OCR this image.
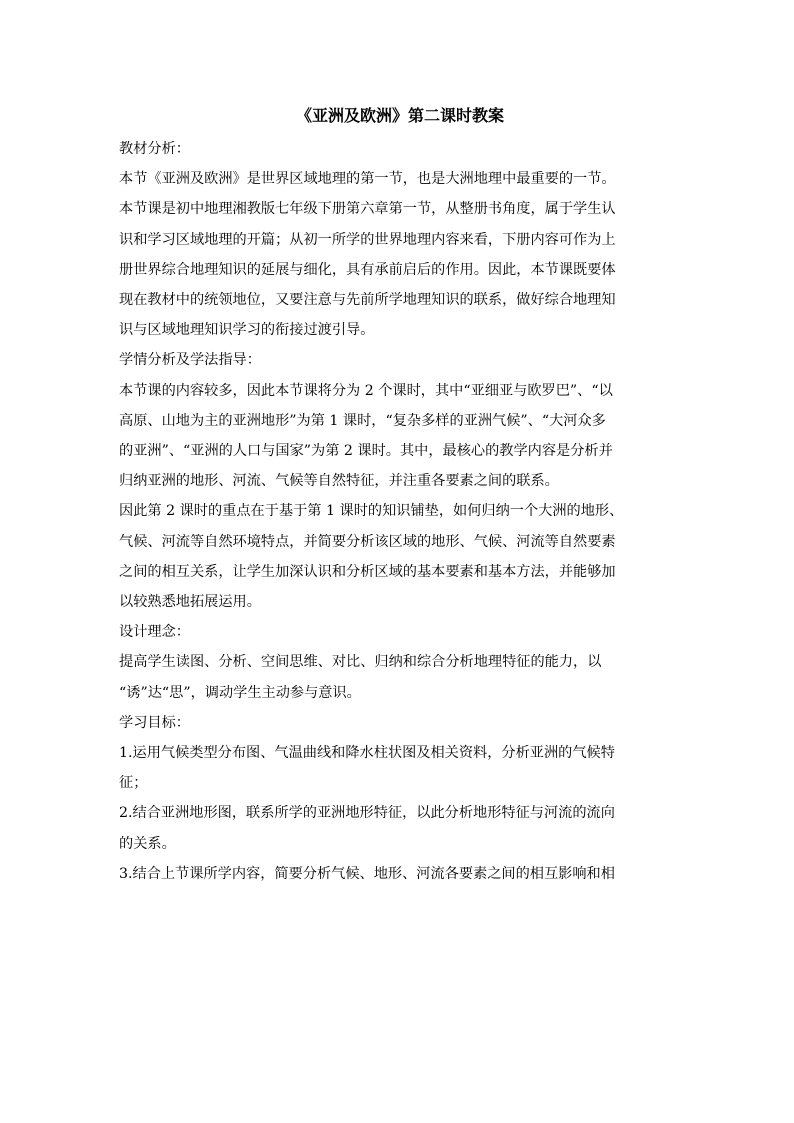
《亚洲及欧洲》第二课时教案

教材分析：

本节《亚洲及欧洲》是世界区域地理的第一节，也是大洲地理中最重要的一节。

本节课是初中地理湘教版七年级下册第六章第一节，从整册书角度，属于学生认

识和学习区域地理的开篇；从初一所学的世界地理内容来看，下册内容可作为上

册世界综合地理知识的延展与细化，具有承前启后的作用。因此，本节课既要体

现在教材中的统领地位，又要注意与先前所学地理知识的联系，做好综合地理知

识与区域地理知识学习的衔接过渡引导。

学情分析及学法指导：

本节课的内容较多，因此本节课将分为 2 个课时，其中“亚细亚与欧罗巴”、“以

高原、山地为主的亚洲地形”为第 1 课时，“复杂多样的亚洲气候”、“大河众多

的亚洲”、“亚洲的人口与国家”为第 2 课时。其中，最核心的教学内容是分析并

归纳亚洲的地形、河流、气候等自然特征，并注重各要素之间的联系。

因此第 2 课时的重点在于基于第 1 课时的知识铺垫，如何归纳一个大洲的地形、

气候、河流等自然环境特点，并简要分析该区域的地形、气候、河流等自然要素

之间的相互关系，让学生加深认识和分析区域的基本要素和基本方法，并能够加

以较熟悉地拓展运用。

设计理念：

提高学生读图、分析、空间思维、对比、归纳和综合分析地理特征的能力，以

“诱”达“思”，调动学生主动参与意识。

学习目标：

1.运用气候类型分布图、气温曲线和降水柱状图及相关资料，分析亚洲的气候特

征；

2.结合亚洲地形图，联系所学的亚洲地形特征，以此分析地形特征与河流的流向

的关系。

3.结合上节课所学内容，简要分析气候、地形、河流各要素之间的相互影响和相
